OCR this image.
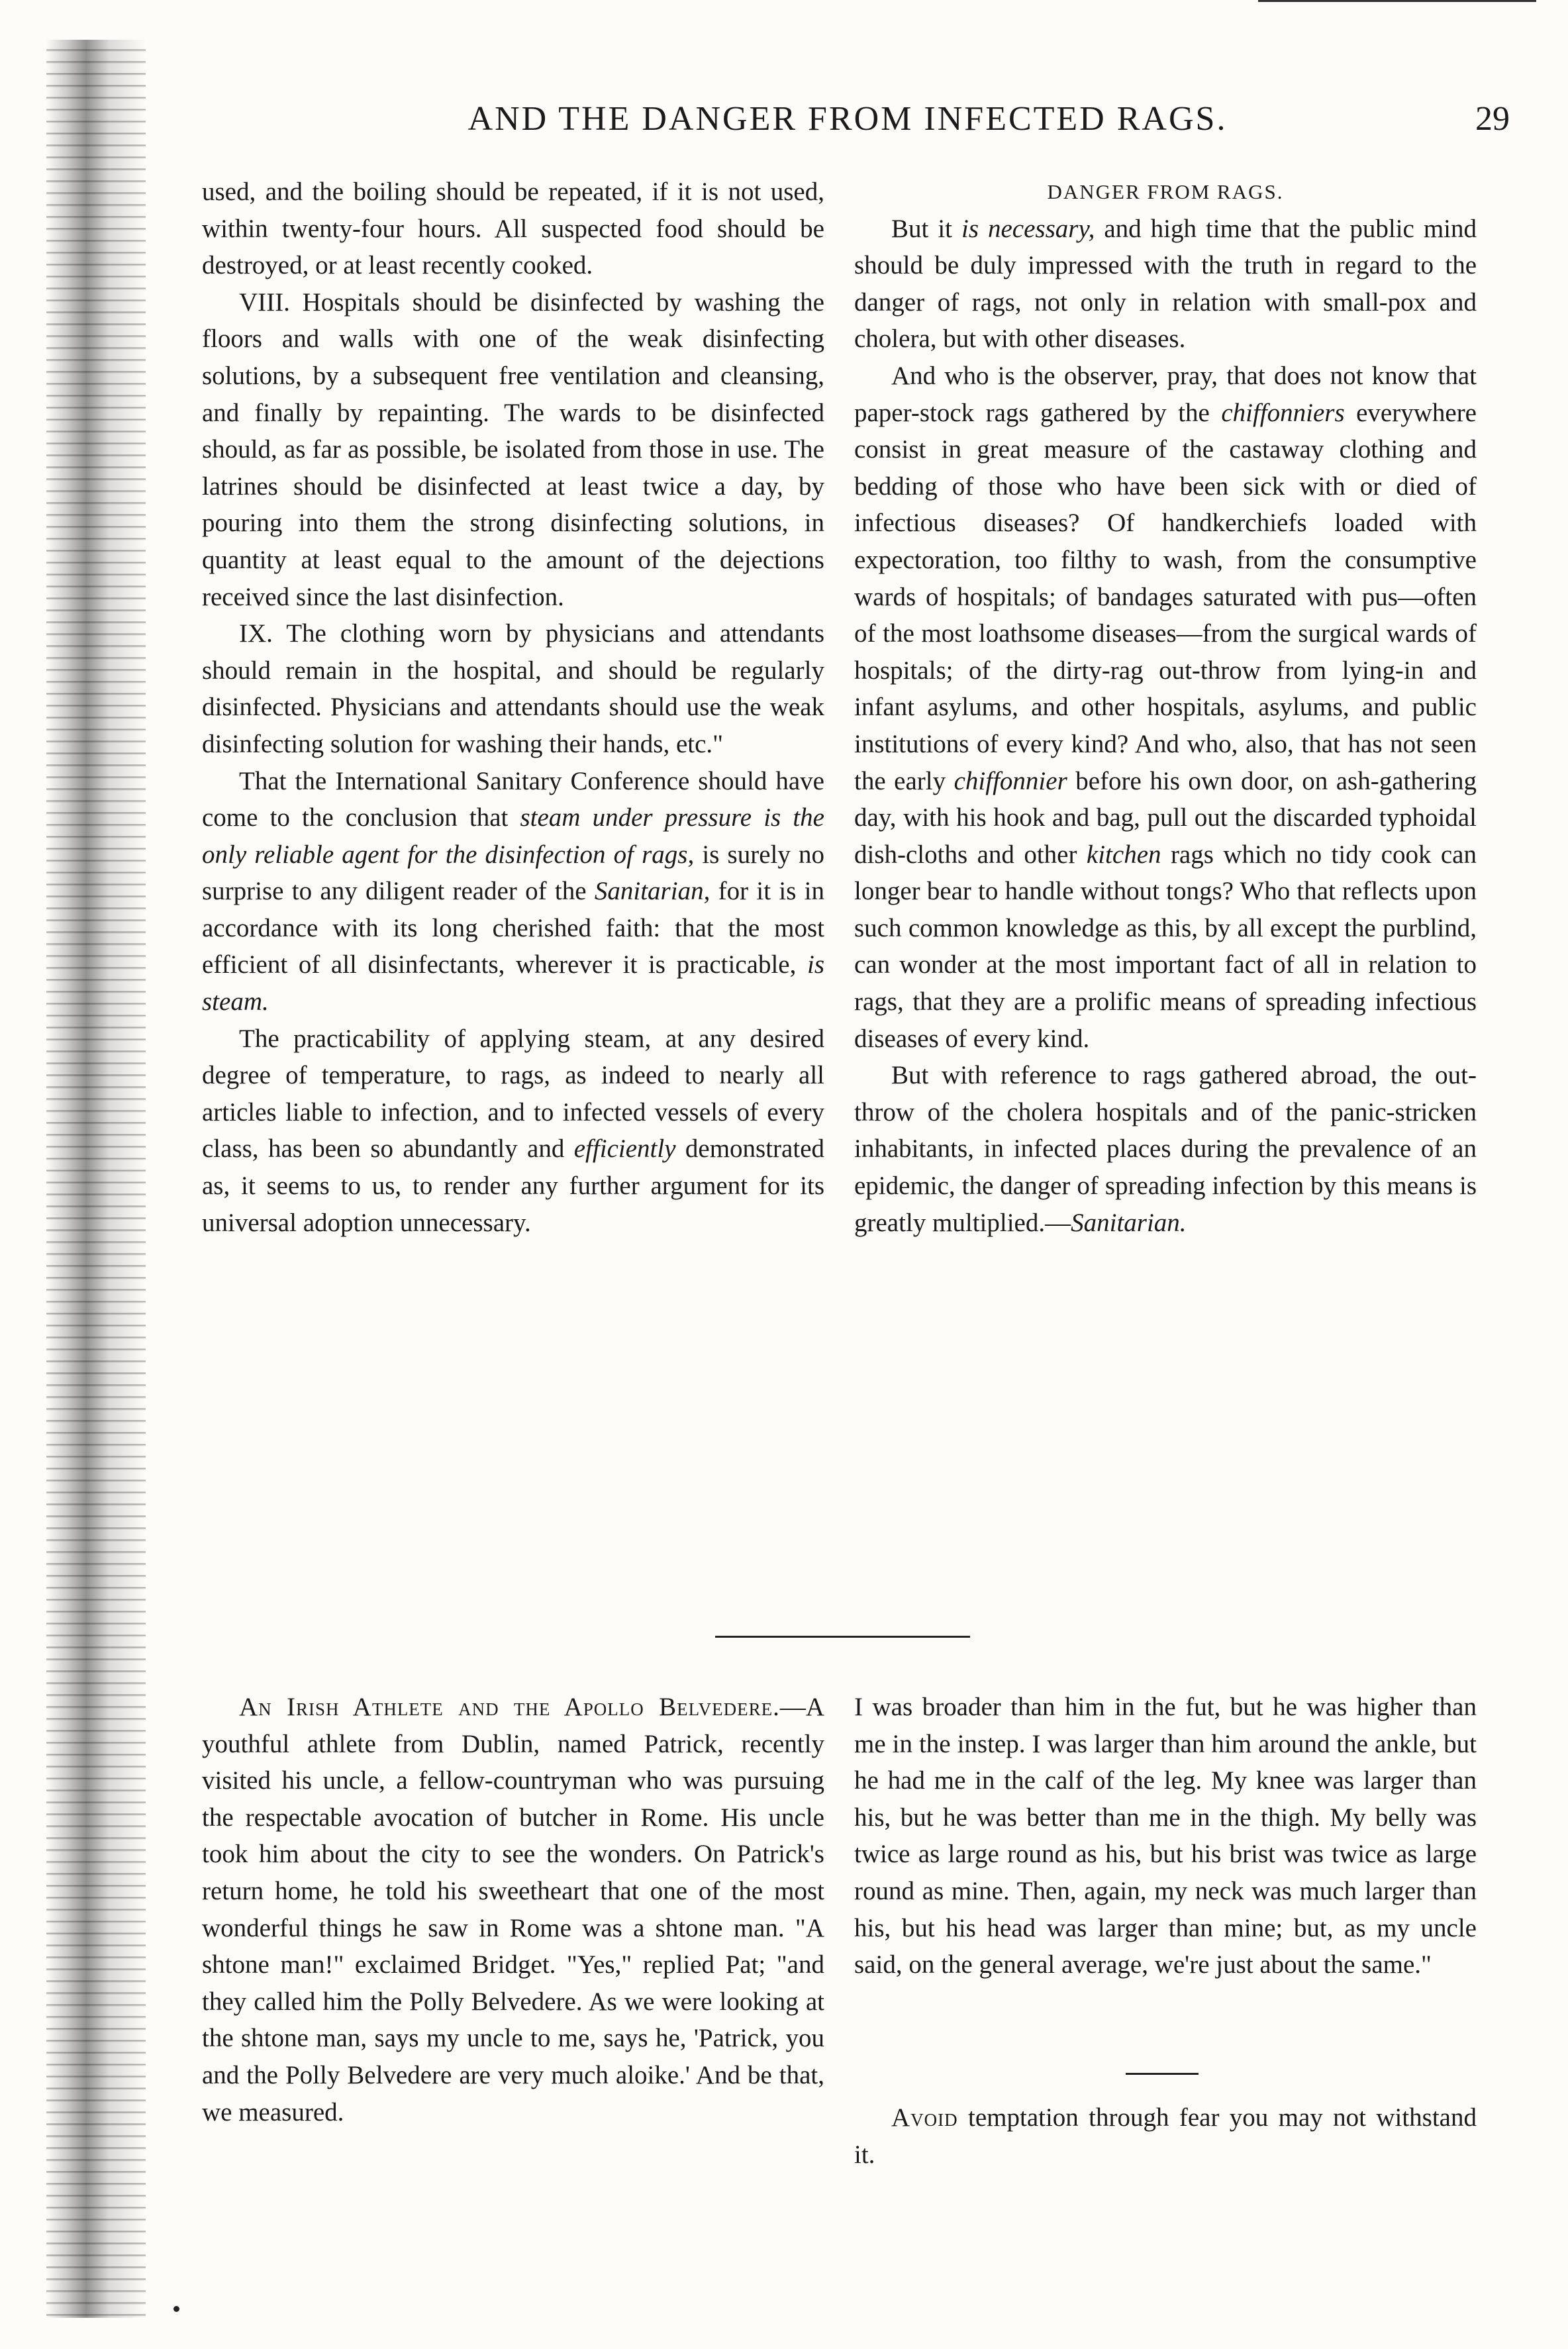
AND THE DANGER FROM INFECTED RAGS.	29

used, and the boiling should be repeated, if it is not used, within twenty-four hours. All suspected food should be destroyed, or at least recently cooked.

VIII. Hospitals should be disinfected by washing the floors and walls with one of the weak disinfecting solutions, by a subsequent free ventilation and cleansing, and finally by repainting. The wards to be disinfected should, as far as possible, be isolated from those in use. The latrines should be disinfected at least twice a day, by pouring into them the strong disinfecting solutions, in quantity at least equal to the amount of the dejections received since the last disinfection.

IX. The clothing worn by physicians and attendants should remain in the hospital, and should be regularly disinfected. Physicians and attendants should use the weak disinfecting solution for washing their hands, etc."

That the International Sanitary Conference should have come to the conclusion that steam under pressure is the only reliable agent for the disinfection of rags, is surely no surprise to any diligent reader of the Sanitarian, for it is in accordance with its long cherished faith: that the most efficient of all disinfectants, wherever it is practicable, is steam.

The practicability of applying steam, at any desired degree of temperature, to rags, as indeed to nearly all articles liable to infection, and to infected vessels of every class, has been so abundantly and efficiently demonstrated as, it seems to us, to render any further argument for its universal adoption unnecessary.

DANGER FROM RAGS.

But it is necessary, and high time that the public mind should be duly impressed with the truth in regard to the danger of rags, not only in relation with small-pox and cholera, but with other diseases.

And who is the observer, pray, that does not know that paper-stock rags gathered by the chiffonniers everywhere consist in great measure of the castaway clothing and bedding of those who have been sick with or died of infectious diseases? Of handkerchiefs loaded with expectoration, too filthy to wash, from the consumptive wards of hospitals; of bandages saturated with pus—often of the most loathsome diseases—from the surgical wards of hospitals; of the dirty-rag out-throw from lying-in and infant asylums, and other hospitals, asylums, and public institutions of every kind? And who, also, that has not seen the early chiffonnier before his own door, on ash-gathering day, with his hook and bag, pull out the discarded typhoidal dish-cloths and other kitchen rags which no tidy cook can longer bear to handle without tongs? Who that reflects upon such common knowledge as this, by all except the purblind, can wonder at the most important fact of all in relation to rags, that they are a prolific means of spreading infectious diseases of every kind.

But with reference to rags gathered abroad, the out-throw of the cholera hospitals and of the panic-stricken inhabitants, in infected places during the prevalence of an epidemic, the danger of spreading infection by this means is greatly multiplied.—Sanitarian.

An Irish Athlete and the Apollo Belvedere.—A youthful athlete from Dublin, named Patrick, recently visited his uncle, a fellow-countryman who was pursuing the respectable avocation of butcher in Rome. His uncle took him about the city to see the wonders. On Patrick's return home, he told his sweetheart that one of the most wonderful things he saw in Rome was a shtone man. "A shtone man!" exclaimed Bridget. "Yes," replied Pat; "and they called him the Polly Belvedere. As we were looking at the shtone man, says my uncle to me, says he, 'Patrick, you and the Polly Belvedere are very much aloike.' And be that, we measured.

I was broader than him in the fut, but he was higher than me in the instep. I was larger than him around the ankle, but he had me in the calf of the leg. My knee was larger than his, but he was better than me in the thigh. My belly was twice as large round as his, but his brist was twice as large round as mine. Then, again, my neck was much larger than his, but his head was larger than mine; but, as my uncle said, on the general average, we're just about the same."

Avoid temptation through fear you may not withstand it.
